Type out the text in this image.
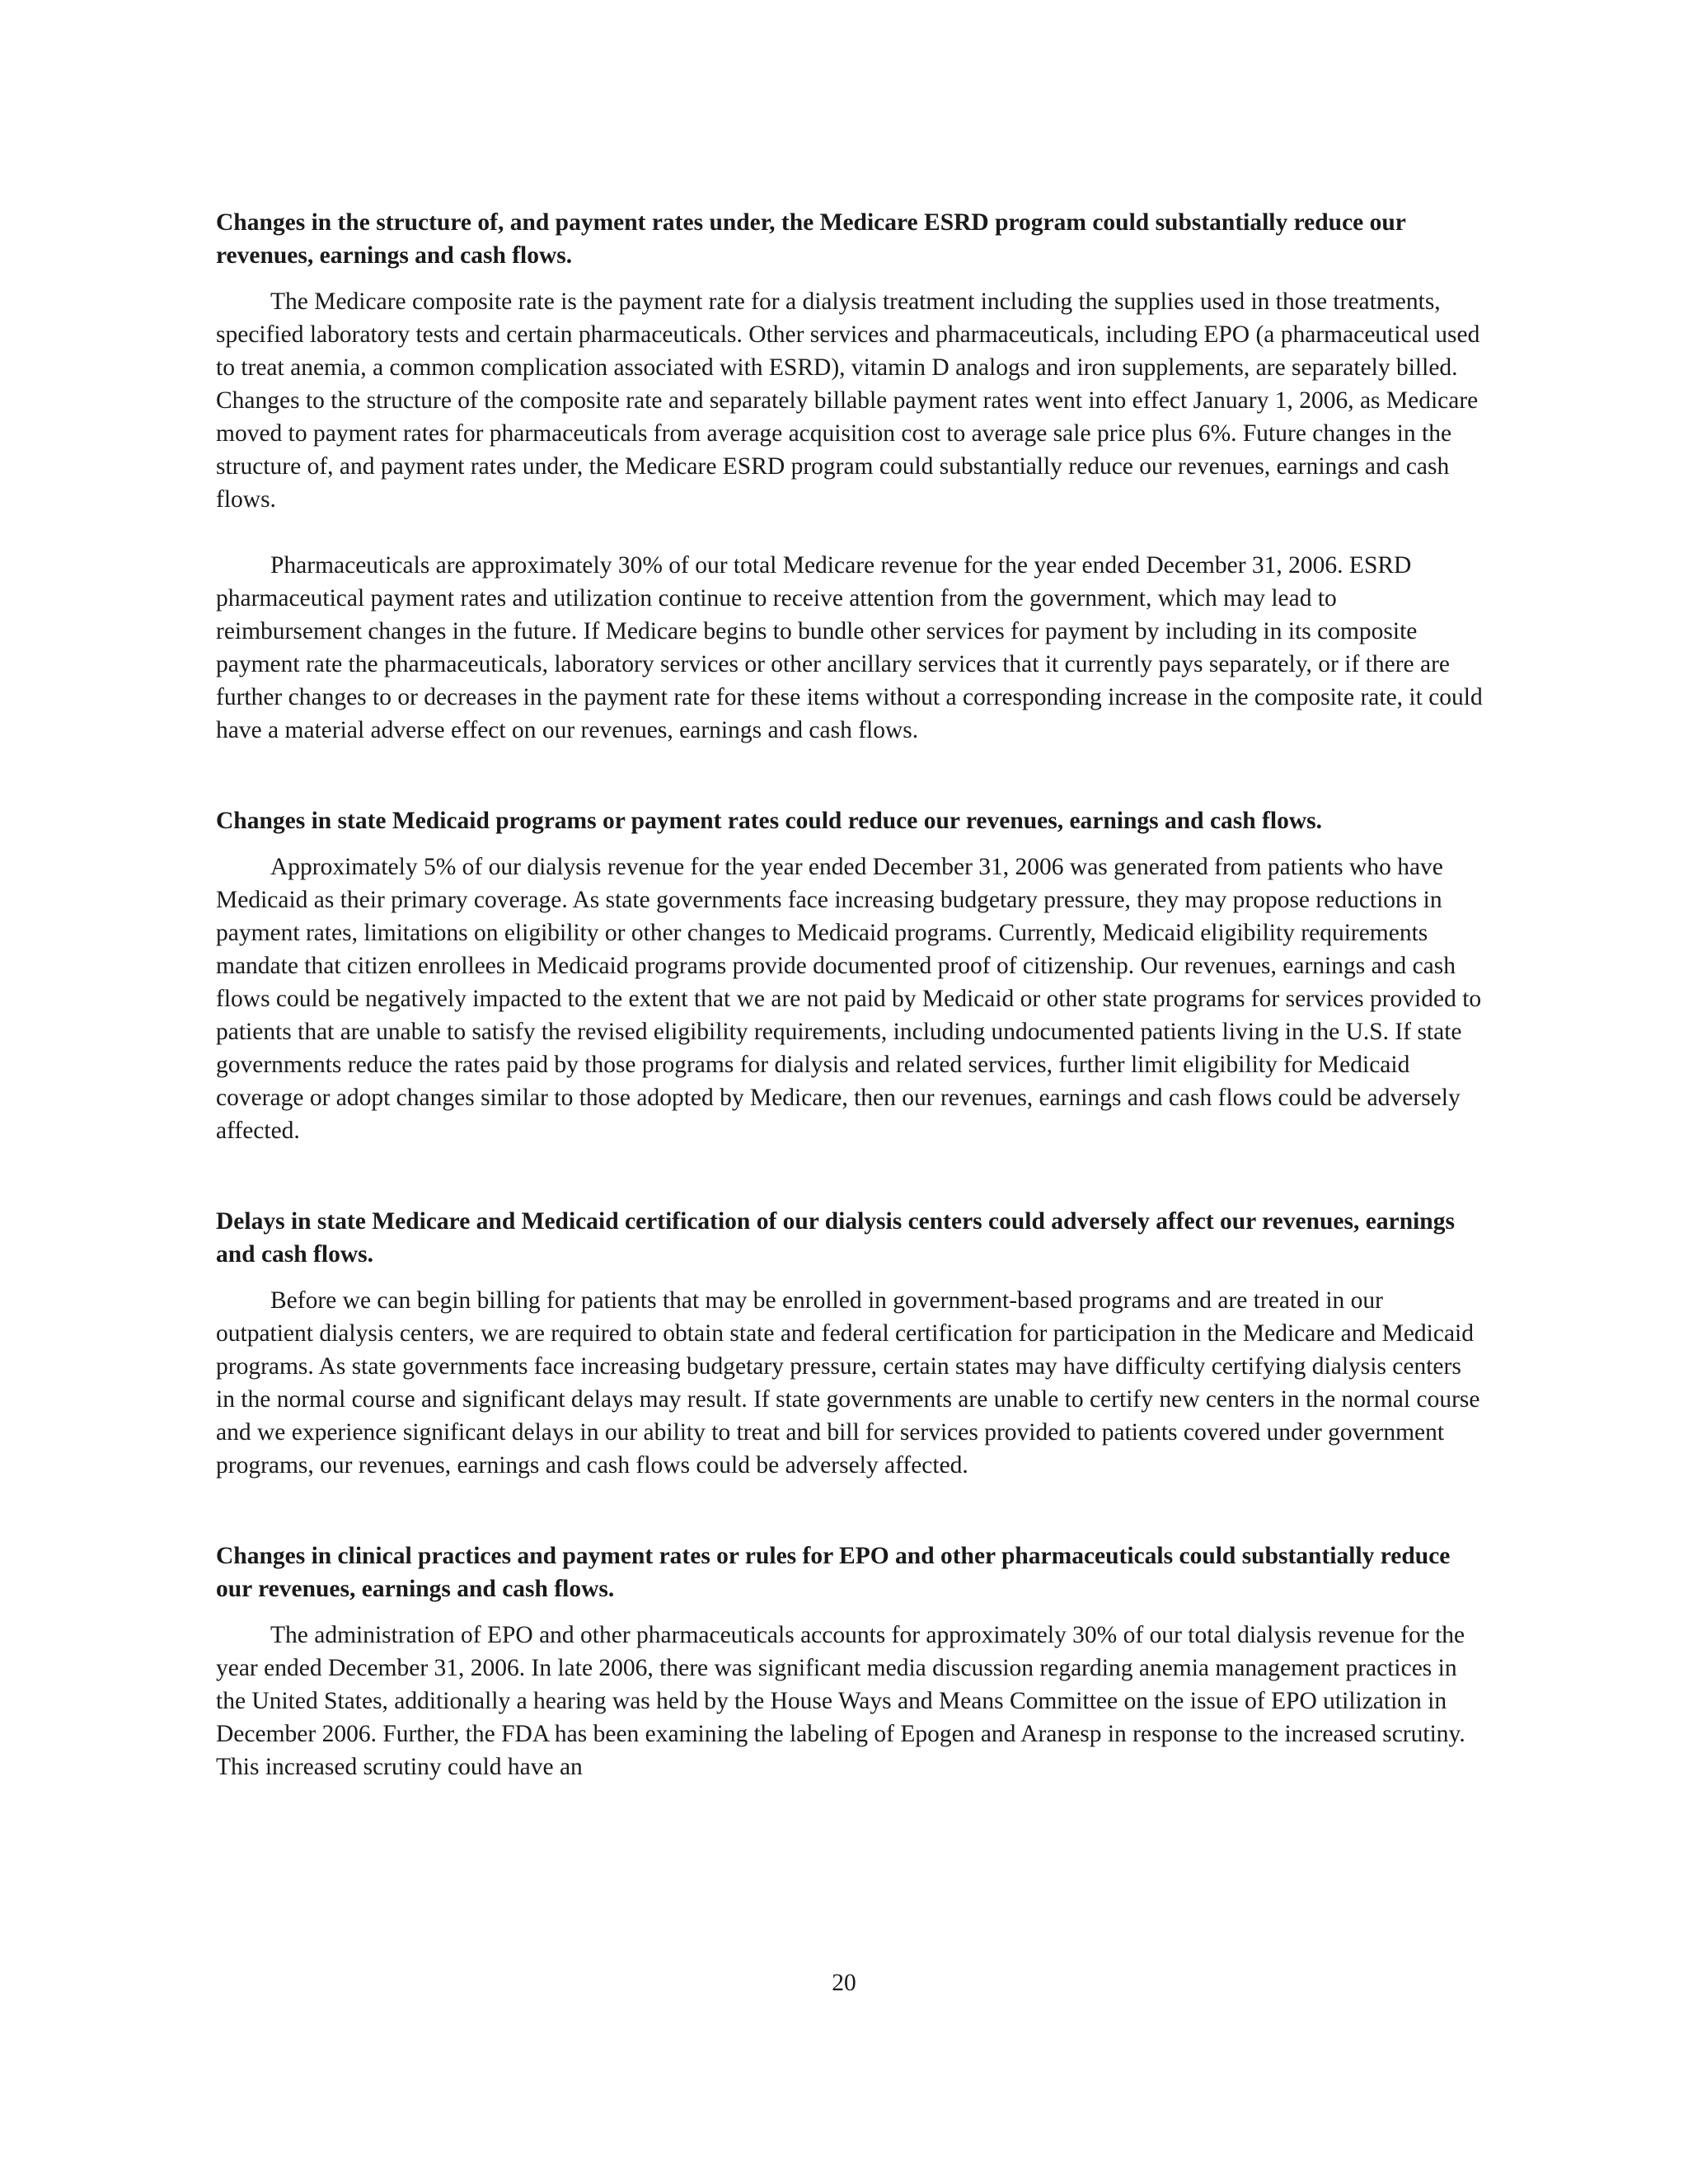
Changes in the structure of, and payment rates under, the Medicare ESRD program could substantially reduce our revenues, earnings and cash flows.

The Medicare composite rate is the payment rate for a dialysis treatment including the supplies used in those treatments, specified laboratory tests and certain pharmaceuticals. Other services and pharmaceuticals, including EPO (a pharmaceutical used to treat anemia, a common complication associated with ESRD), vitamin D analogs and iron supplements, are separately billed. Changes to the structure of the composite rate and separately billable payment rates went into effect January 1, 2006, as Medicare moved to payment rates for pharmaceuticals from average acquisition cost to average sale price plus 6%. Future changes in the structure of, and payment rates under, the Medicare ESRD program could substantially reduce our revenues, earnings and cash flows.

Pharmaceuticals are approximately 30% of our total Medicare revenue for the year ended December 31, 2006. ESRD pharmaceutical payment rates and utilization continue to receive attention from the government, which may lead to reimbursement changes in the future. If Medicare begins to bundle other services for payment by including in its composite payment rate the pharmaceuticals, laboratory services or other ancillary services that it currently pays separately, or if there are further changes to or decreases in the payment rate for these items without a corresponding increase in the composite rate, it could have a material adverse effect on our revenues, earnings and cash flows.

Changes in state Medicaid programs or payment rates could reduce our revenues, earnings and cash flows.

Approximately 5% of our dialysis revenue for the year ended December 31, 2006 was generated from patients who have Medicaid as their primary coverage. As state governments face increasing budgetary pressure, they may propose reductions in payment rates, limitations on eligibility or other changes to Medicaid programs. Currently, Medicaid eligibility requirements mandate that citizen enrollees in Medicaid programs provide documented proof of citizenship. Our revenues, earnings and cash flows could be negatively impacted to the extent that we are not paid by Medicaid or other state programs for services provided to patients that are unable to satisfy the revised eligibility requirements, including undocumented patients living in the U.S. If state governments reduce the rates paid by those programs for dialysis and related services, further limit eligibility for Medicaid coverage or adopt changes similar to those adopted by Medicare, then our revenues, earnings and cash flows could be adversely affected.

Delays in state Medicare and Medicaid certification of our dialysis centers could adversely affect our revenues, earnings and cash flows.

Before we can begin billing for patients that may be enrolled in government-based programs and are treated in our outpatient dialysis centers, we are required to obtain state and federal certification for participation in the Medicare and Medicaid programs. As state governments face increasing budgetary pressure, certain states may have difficulty certifying dialysis centers in the normal course and significant delays may result. If state governments are unable to certify new centers in the normal course and we experience significant delays in our ability to treat and bill for services provided to patients covered under government programs, our revenues, earnings and cash flows could be adversely affected.

Changes in clinical practices and payment rates or rules for EPO and other pharmaceuticals could substantially reduce our revenues, earnings and cash flows.

The administration of EPO and other pharmaceuticals accounts for approximately 30% of our total dialysis revenue for the year ended December 31, 2006. In late 2006, there was significant media discussion regarding anemia management practices in the United States, additionally a hearing was held by the House Ways and Means Committee on the issue of EPO utilization in December 2006. Further, the FDA has been examining the labeling of Epogen and Aranesp in response to the increased scrutiny. This increased scrutiny could have an

20
